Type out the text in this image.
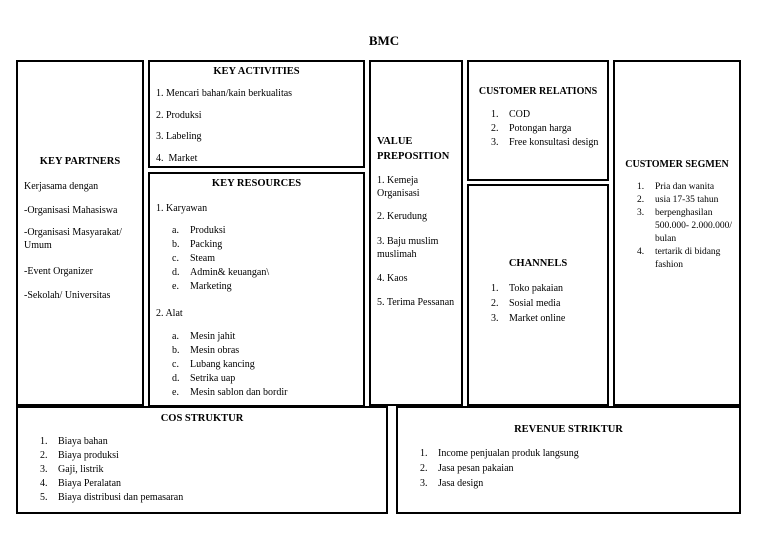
BMC
KEY PARTNERS
Kerjasama dengan
-Organisasi Mahasiswa
-Organisasi Masyarakat/ Umum
-Event Organizer
-Sekolah/ Universitas
KEY ACTIVITIES
1. Mencari bahan/kain berkualitas
2. Produksi
3. Labeling
4. Market
KEY RESOURCES
1. Karyawan
a.	Produksi
b.	Packing
c.	Steam
d.	Admin& keuangan\
e.	Marketing
2. Alat
a.	Mesin jahit
b.	Mesin obras
c.	Lubang kancing
d.	Setrika uap
e.	Mesin sablon dan bordir
VALUE
PREPOSITION
1. Kemeja Organisasi
2. Kerudung
3. Baju muslim muslimah
4. Kaos
5. Terima Pessanan
CUSTOMER RELATIONS
1.	COD
2.	Potongan harga
3.	Free konsultasi design
CHANNELS
1.	Toko pakaian
2.	Sosial media
3.	Market online
CUSTOMER SEGMEN
1.	Pria dan wanita
2.	usia 17-35 tahun
3.	berpenghasilan 500.000- 2.000.000/ bulan
4.	tertarik di bidang fashion
COS STRUKTUR
1.	Biaya bahan
2.	Biaya produksi
3.	Gaji, listrik
4.	Biaya Peralatan
5.	Biaya distribusi dan pemasaran
REVENUE STRIKTUR
1.	Income penjualan produk langsung
2.	Jasa pesan pakaian
3.	Jasa design
